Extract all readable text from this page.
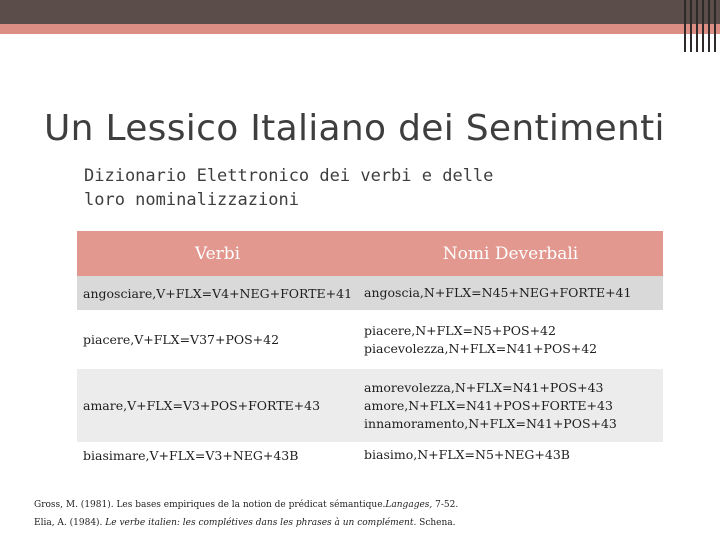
Un Lessico Italiano dei Sentimenti
Dizionario Elettronico dei verbi e delle loro nominalizzazioni
Verbi	Nomi Deverbali
angosciare,V+FLX=V4+NEG+FORTE+41	angoscia,N+FLX=N45+NEG+FORTE+41

piacere,V+FLX=V37+POS+42	piacere,N+FLX=N5+POS+42
piacevolezza,N+FLX=N41+POS+42

amare,V+FLX=V3+POS+FORTE+43	amorevolezza,N+FLX=N41+POS+43
amore,N+FLX=N41+POS+FORTE+43
innamoramento,N+FLX=N41+POS+43

biasimare,V+FLX=V3+NEG+43B	biasimo,N+FLX=N5+NEG+43B
Gross, M. (1981). Les bases empiriques de la notion de prédicat sémantique.Langages, 7-52.
Elia, A. (1984). Le verbe italien: les complétives dans les phrases à un complément. Schena.
